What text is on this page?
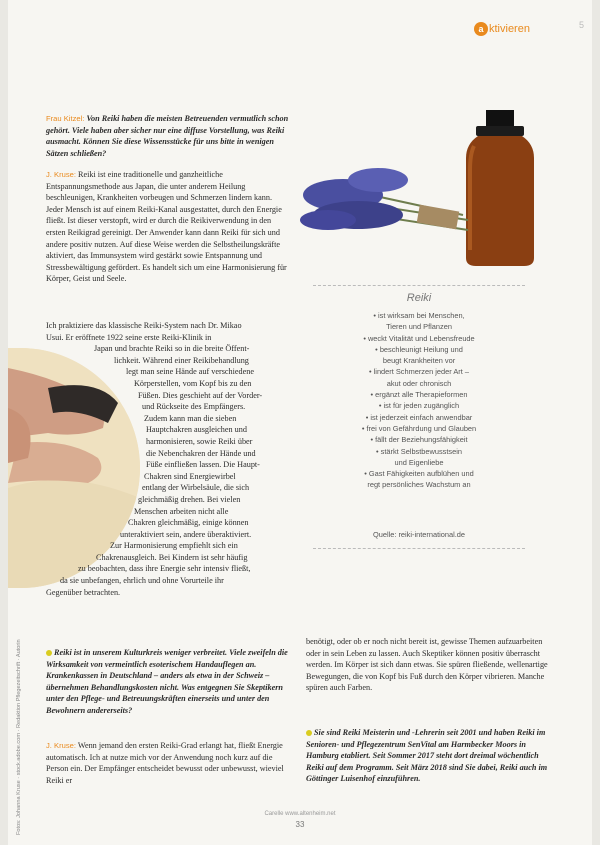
a ktivieren	5

Frau Kitzel: Von Reiki haben die meisten Betreuenden vermutlich schon gehört. Viele haben aber sicher nur eine diffuse Vorstellung, was Reiki ausmacht. Können Sie diese Wissensstücke für uns bitte in wenigen Sätzen schließen?

J. Kruse: Reiki ist eine traditionelle und ganzheitliche Entspannungsmethode aus Japan, die unter anderem Heilung beschleunigen, Krankheiten vorbeugen und Schmerzen lindern kann. Jeder Mensch ist auf einem Reiki-Kanal ausgestattet, durch den Energie fließt. Ist dieser verstopft, wird er durch die Reikiverwendung in den ersten Reikigrad gereinigt. Der Anwender kann dann Reiki für sich und andere positiv nutzen. Auf diese Weise werden die Selbstheilungskräfte aktiviert, das Immunsystem wird gestärkt sowie Entspannung und Stressbewältigung gefördert. Es handelt sich um eine Harmonisierung für Körper, Geist und Seele.

Ich praktiziere das klassische Reiki-System nach Dr. Mikao
Usui. Er eröffnete 1922 seine erste Reiki-Klinik in
Japan und brachte Reiki so in die breite Öffent-
lichkeit. Während einer Reikibehandlung
legt man seine Hände auf verschiedene
Körperstellen, vom Kopf bis zu den
Füßen. Dies geschieht auf der Vorder-
und Rückseite des Empfängers.
Zudem kann man die sieben
Hauptchakren ausgleichen und
harmonisieren, sowie Reiki über
die Nebenchakren der Hände und
Füße einfließen lassen. Die Haupt-
Chakren sind Energiewirbel
entlang der Wirbelsäule, die sich
gleichmäßig drehen. Bei vielen
Menschen arbeiten nicht alle
Chakren gleichmäßig, einige können
unteraktiviert sein, andere überaktiviert.
Zur Harmonisierung empfiehlt sich ein
Chakrenausgleich. Bei Kindern ist sehr häufig
zu beobachten, dass ihre Energie sehr intensiv fließt,
da sie unbefangen, ehrlich und ohne Vorurteile ihr
Gegenüber betrachten.
Reiki
• ist wirksam bei Menschen,
Tieren und Pflanzen
• weckt Vitalität und Lebensfreude
• beschleunigt Heilung und
beugt Krankheiten vor
• lindert Schmerzen jeder Art –
akut oder chronisch
• ergänzt alle Therapieformen
• ist für jeden zugänglich
• ist jederzeit einfach anwendbar
• frei von Gefährdung und Glauben
• fällt der Beziehungsfähigkeit
• stärkt Selbstbewusstsein
und Eigenliebe
• Gast Fähigkeiten aufblühen und
regt persönliches Wachstum an
Quelle: reiki-international.de

Reiki ist in unserem Kulturkreis weniger verbreitet. Viele zweifeln die Wirksamkeit von vermeintlich esoterischem Handauflegen an. Krankenkassen in Deutschland – anders als etwa in der Schweiz – übernehmen Behandlungskosten nicht. Was entgegnen Sie Skeptikern unter den Pflege- und Betreuungskräften einerseits und unter den Bewohnern andererseits?

J. Kruse: Wenn jemand den ersten Reiki-Grad erlangt hat, fließt Energie automatisch. Ich at nutze mich vor der Anwendung noch kurz auf die Person ein. Der Empfänger entscheidet bewusst oder unbewusst, wieviel Reiki er

benötigt, oder ob er noch nicht bereit ist, gewisse Themen aufzuarbeiten oder in sein Leben zu lassen. Auch Skeptiker können positiv überrascht werden. Im Körper ist sich dann etwas. Sie spüren fließende, wellenartige Bewegungen, die von Kopf bis Fuß durch den Körper vibrieren. Manche spüren auch Farben.

Sie sind Reiki Meisterin und -Lehrerin seit 2001 und haben Reiki im Senioren- und Pflegezentrum SenVital am Harmbecker Moors in Hamburg etabliert. Seit Sommer 2017 steht dort dreimal wöchentlich Reiki auf dem Programm. Seit März 2018 sind Sie dabei, Reiki auch im Göttinger Luisenhof einzuführen.

Fotos: Johanna Kruse · stock.adobe.com · Redaktion Pflegezeitschrift · Autorin	Carelle www.altenheim.net
33
